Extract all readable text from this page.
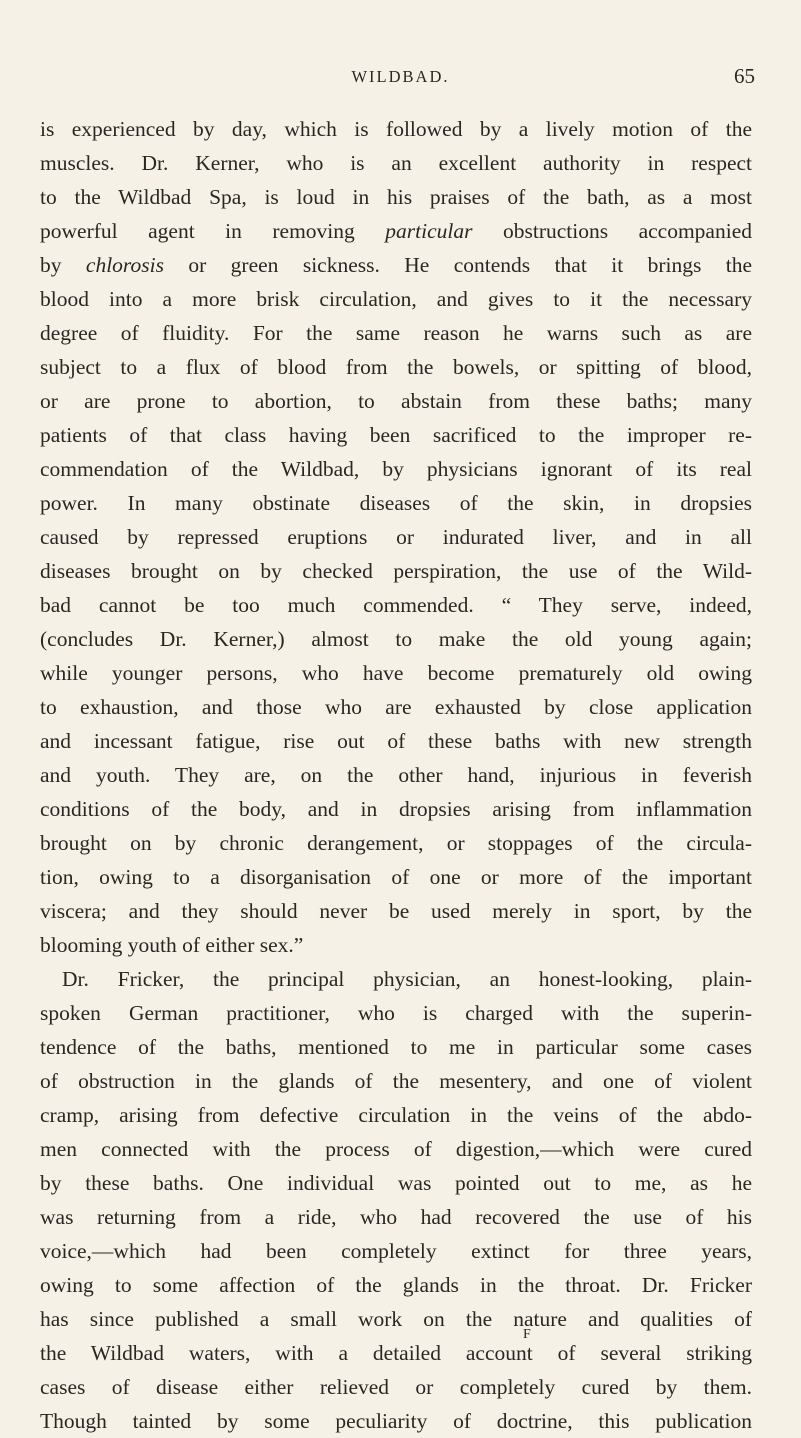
WILDBAD.	65
is experienced by day, which is followed by a lively motion of the
muscles. Dr. Kerner, who is an excellent authority in respect
to the Wildbad Spa, is loud in his praises of the bath, as a most
powerful agent in removing particular obstructions accompanied
by chlorosis or green sickness. He contends that it brings the
blood into a more brisk circulation, and gives to it the necessary
degree of fluidity. For the same reason he warns such as are
subject to a flux of blood from the bowels, or spitting of blood,
or are prone to abortion, to abstain from these baths; many
patients of that class having been sacrificed to the improper re-
commendation of the Wildbad, by physicians ignorant of its real
power. In many obstinate diseases of the skin, in dropsies
caused by repressed eruptions or indurated liver, and in all
diseases brought on by checked perspiration, the use of the Wild-
bad cannot be too much commended. “ They serve, indeed,
(concludes Dr. Kerner,) almost to make the old young again;
while younger persons, who have become prematurely old owing
to exhaustion, and those who are exhausted by close application
and incessant fatigue, rise out of these baths with new strength
and youth. They are, on the other hand, injurious in feverish
conditions of the body, and in dropsies arising from inflammation
brought on by chronic derangement, or stoppages of the circula-
tion, owing to a disorganisation of one or more of the important
viscera; and they should never be used merely in sport, by the
blooming youth of either sex.”
Dr. Fricker, the principal physician, an honest-looking, plain-
spoken German practitioner, who is charged with the superin-
tendence of the baths, mentioned to me in particular some cases
of obstruction in the glands of the mesentery, and one of violent
cramp, arising from defective circulation in the veins of the abdo-
men connected with the process of digestion,—which were cured
by these baths. One individual was pointed out to me, as he
was returning from a ride, who had recovered the use of his
voice,—which had been completely extinct for three years,
owing to some affection of the glands in the throat. Dr. Fricker
has since published a small work on the nature and qualities of
the Wildbad waters, with a detailed account of several striking
cases of disease either relieved or completely cured by them.
Though tainted by some peculiarity of doctrine, this publication
F
